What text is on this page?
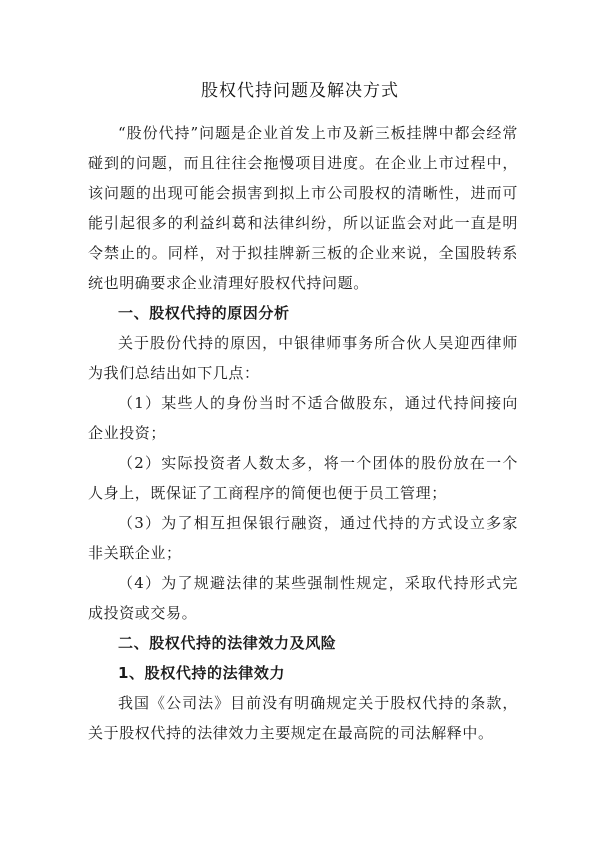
股权代持问题及解决方式

“股份代持”问题是企业首发上市及新三板挂牌中都会经常碰到的问题，而且往往会拖慢项目进度。在企业上市过程中，该问题的出现可能会损害到拟上市公司股权的清晰性，进而可能引起很多的利益纠葛和法律纠纷，所以证监会对此一直是明令禁止的。同样，对于拟挂牌新三板的企业来说，全国股转系统也明确要求企业清理好股权代持问题。

一、股权代持的原因分析

关于股份代持的原因，中银律师事务所合伙人吴迎西律师为我们总结出如下几点：

（1）某些人的身份当时不适合做股东，通过代持间接向企业投资；

（2）实际投资者人数太多，将一个团体的股份放在一个人身上，既保证了工商程序的简便也便于员工管理；

（3）为了相互担保银行融资，通过代持的方式设立多家非关联企业；

（4）为了规避法律的某些强制性规定，采取代持形式完成投资或交易。

二、股权代持的法律效力及风险

1、股权代持的法律效力

我国《公司法》目前没有明确规定关于股权代持的条款，关于股权代持的法律效力主要规定在最高院的司法解释中。
